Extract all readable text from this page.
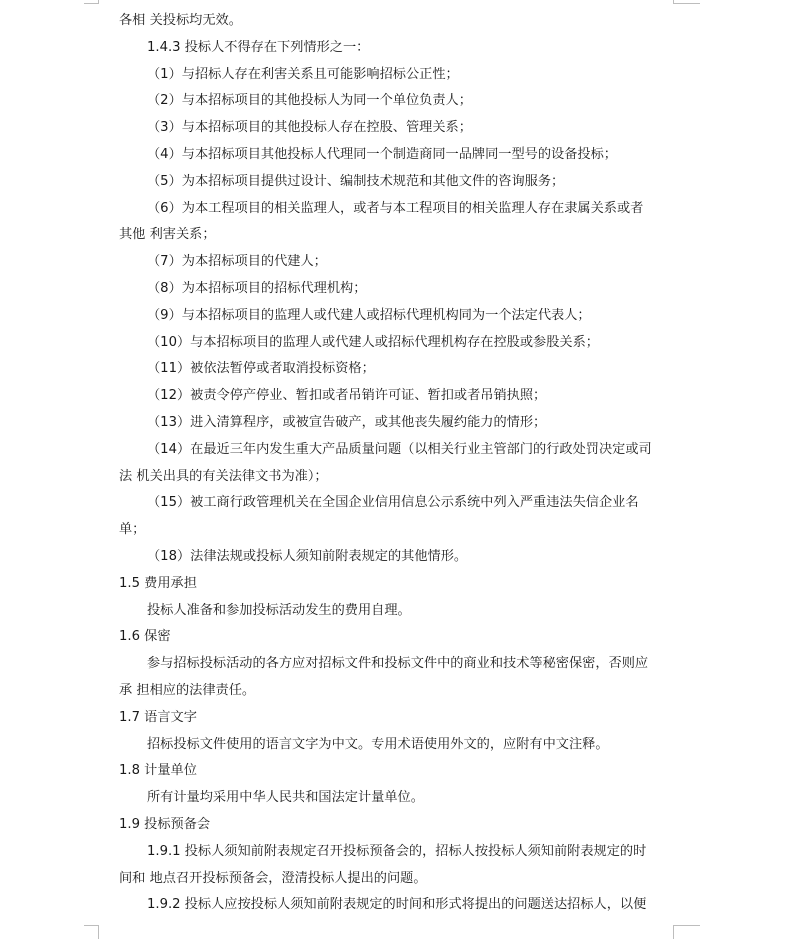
各相 关投标均无效。
1.4.3 投标人不得存在下列情形之一：
（1）与招标人存在利害关系且可能影响招标公正性；
（2）与本招标项目的其他投标人为同一个单位负责人；
（3）与本招标项目的其他投标人存在控股、管理关系；
（4）与本招标项目其他投标人代理同一个制造商同一品牌同一型号的设备投标；
（5）为本招标项目提供过设计、编制技术规范和其他文件的咨询服务；
（6）为本工程项目的相关监理人，或者与本工程项目的相关监理人存在隶属关系或者
其他 利害关系；
（7）为本招标项目的代建人；
（8）为本招标项目的招标代理机构；
（9）与本招标项目的监理人或代建人或招标代理机构同为一个法定代表人；
（10）与本招标项目的监理人或代建人或招标代理机构存在控股或参股关系；
（11）被依法暂停或者取消投标资格；
（12）被责令停产停业、暂扣或者吊销许可证、暂扣或者吊销执照；
（13）进入清算程序，或被宣告破产，或其他丧失履约能力的情形；
（14）在最近三年内发生重大产品质量问题（以相关行业主管部门的行政处罚决定或司
法 机关出具的有关法律文书为准）；
（15）被工商行政管理机关在全国企业信用信息公示系统中列入严重违法失信企业名
单；
（18）法律法规或投标人须知前附表规定的其他情形。
1.5 费用承担
投标人准备和参加投标活动发生的费用自理。
1.6 保密
参与招标投标活动的各方应对招标文件和投标文件中的商业和技术等秘密保密，否则应
承 担相应的法律责任。
1.7 语言文字
招标投标文件使用的语言文字为中文。专用术语使用外文的，应附有中文注释。
1.8 计量单位
所有计量均采用中华人民共和国法定计量单位。
1.9 投标预备会
1.9.1 投标人须知前附表规定召开投标预备会的，招标人按投标人须知前附表规定的时
间和 地点召开投标预备会，澄清投标人提出的问题。
1.9.2 投标人应按投标人须知前附表规定的时间和形式将提出的问题送达招标人，以便
